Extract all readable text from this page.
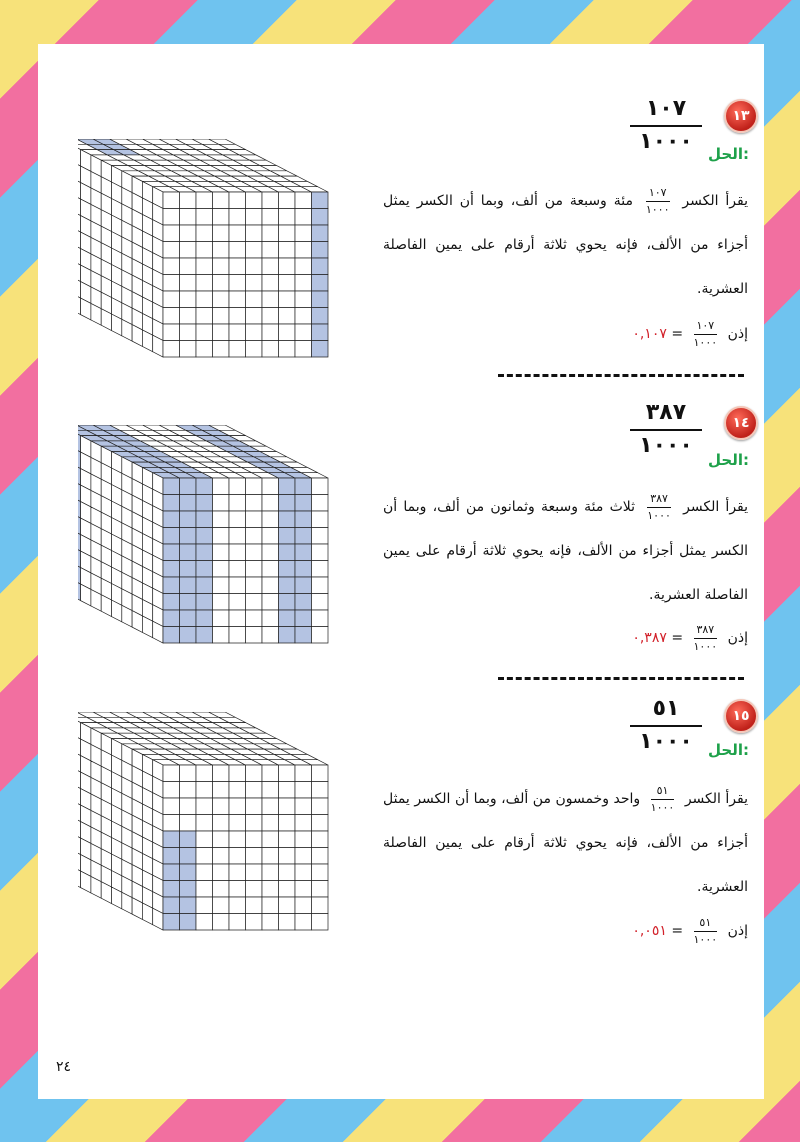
١٣
١٠٧
١٠٠٠	الحل:
يقرأ الكسر
١٠٧
١٠٠٠
مئة وسبعة من ألف، وبما أن الكسر يمثل أجزاء من الألف، فإنه يحوي ثلاثة أرقام على يمين الفاصلة العشرية.
إذن
١٠٧
١٠٠٠
= ٠,١٠٧
١٤
٣٨٧
١٠٠٠
الحل:
يقرأ الكسر
٣٨٧
١٠٠٠
ثلاث مئة وسبعة وثمانون من ألف، وبما أن الكسر يمثل أجزاء من الألف، فإنه يحوي ثلاثة أرقام على يمين الفاصلة العشرية.
إذن
٣٨٧
١٠٠٠
= ٠,٣٨٧
١٥
٥١
١٠٠٠	الحل:
يقرأ الكسر
٥١
١٠٠٠
واحد وخمسون من ألف، وبما أن الكسر يمثل أجزاء من الألف، فإنه يحوي ثلاثة أرقام على يمين الفاصلة العشرية.
إذن
٥١
١٠٠٠
= ٠,٠٥١
٢٤
